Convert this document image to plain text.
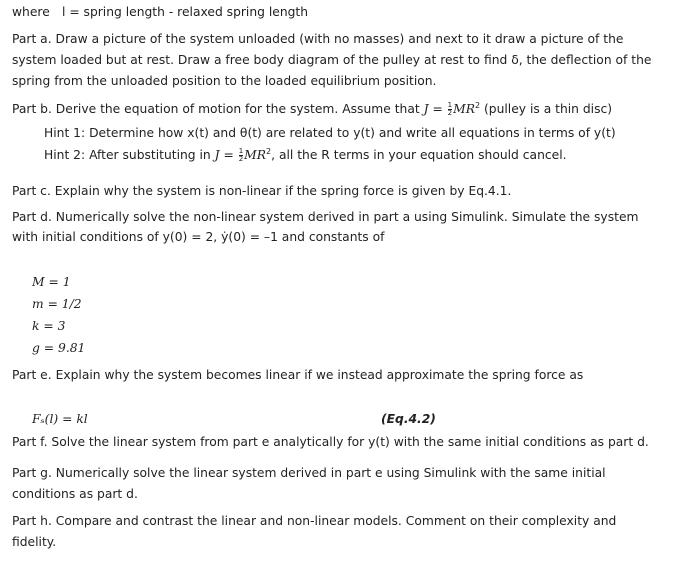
where l = spring length - relaxed spring length
Part a. Draw a picture of the system unloaded (with no masses) and next to it draw a picture of the
system loaded but at rest. Draw a free body diagram of the pulley at rest to find δ, the deflection of the
spring from the unloaded position to the loaded equilibrium position.
Part b. Derive the equation of motion for the system. Assume that $J = \frac{1}{2} MR^2$ (pulley is a thin disc)
Hint 1: Determine how x(t) and θ(t) are related to y(t) and write all equations in terms of y(t)
Hint 2: After substituting in $J = \frac{1}{2} MR^2$, all the R terms in your equation should cancel.
Part c. Explain why the system is non-linear if the spring force is given by Eq.4.1.
Part d. Numerically solve the non-linear system derived in part a using Simulink. Simulate the system
with initial conditions of y(0) = 2, ẏ(0) = –1 and constants of
M = 1
m = 1/2
k = 3
g = 9.81
Part e. Explain why the system becomes linear if we instead approximate the spring force as
Fₛ(l) = kl	(Eq.4.2)
Part f. Solve the linear system from part e analytically for y(t) with the same initial conditions as part d.
Part g. Numerically solve the linear system derived in part e using Simulink with the same initial
conditions as part d.
Part h. Compare and contrast the linear and non-linear models. Comment on their complexity and
fidelity.
